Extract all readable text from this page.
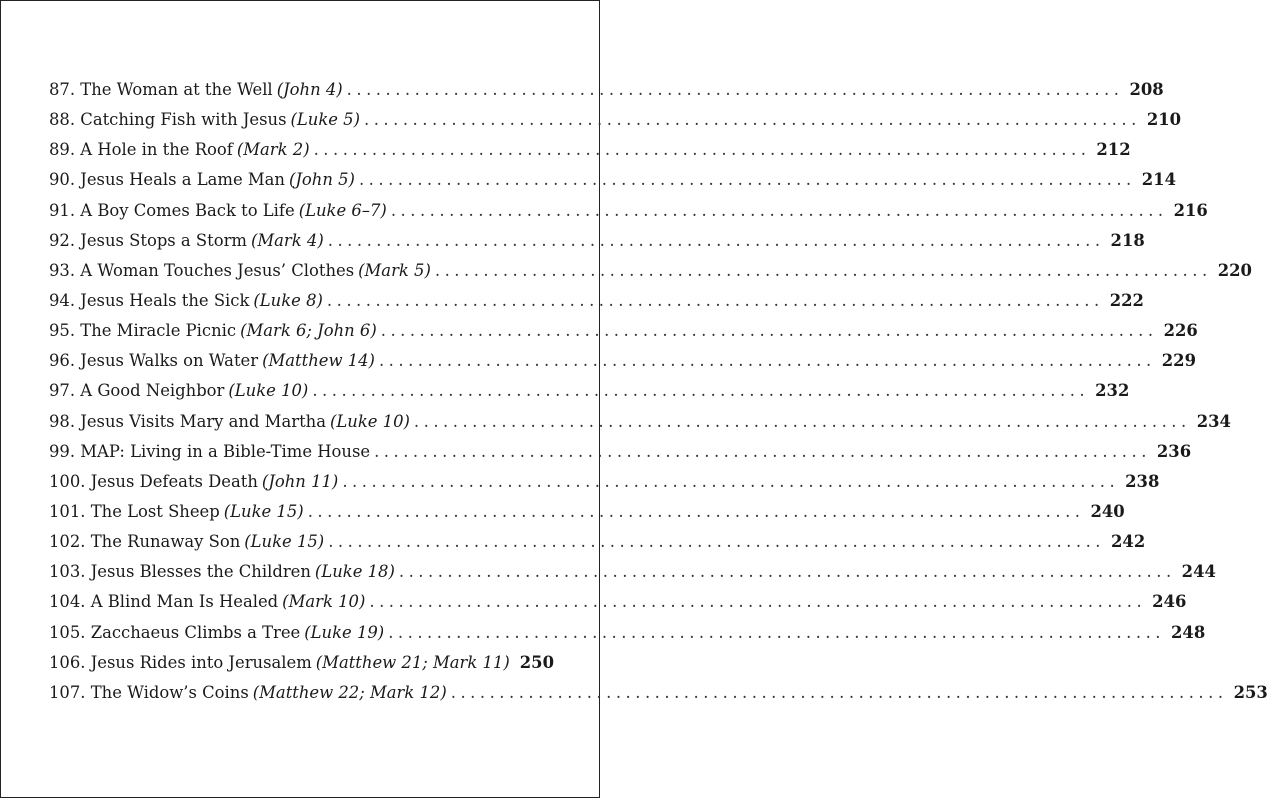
87. The Woman at the Well (John 4) ................................................................................ 208
88. Catching Fish with Jesus (Luke 5) ................................................................................ 210
89. A Hole in the Roof (Mark 2) ................................................................................ 212
90. Jesus Heals a Lame Man (John 5) ................................................................................ 214
91. A Boy Comes Back to Life (Luke 6–7) ................................................................................ 216
92. Jesus Stops a Storm (Mark 4) ................................................................................ 218
93. A Woman Touches Jesus’ Clothes (Mark 5) ................................................................................ 220
94. Jesus Heals the Sick (Luke 8) ................................................................................ 222
95. The Miracle Picnic (Mark 6; John 6) ................................................................................ 226
96. Jesus Walks on Water (Matthew 14) ................................................................................ 229
97. A Good Neighbor (Luke 10) ................................................................................ 232
98. Jesus Visits Mary and Martha (Luke 10) ................................................................................ 234
99. MAP: Living in a Bible-Time House ................................................................................ 236
100. Jesus Defeats Death (John 11) ................................................................................ 238
101. The Lost Sheep (Luke 15) ................................................................................ 240
102. The Runaway Son (Luke 15) ................................................................................ 242
103. Jesus Blesses the Children (Luke 18) ................................................................................ 244
104. A Blind Man Is Healed (Mark 10) ................................................................................ 246
105. Zacchaeus Climbs a Tree (Luke 19) ................................................................................ 248
106. Jesus Rides into Jerusalem (Matthew 21; Mark 11) 250
107. The Widow’s Coins (Matthew 22; Mark 12) ................................................................................ 253
